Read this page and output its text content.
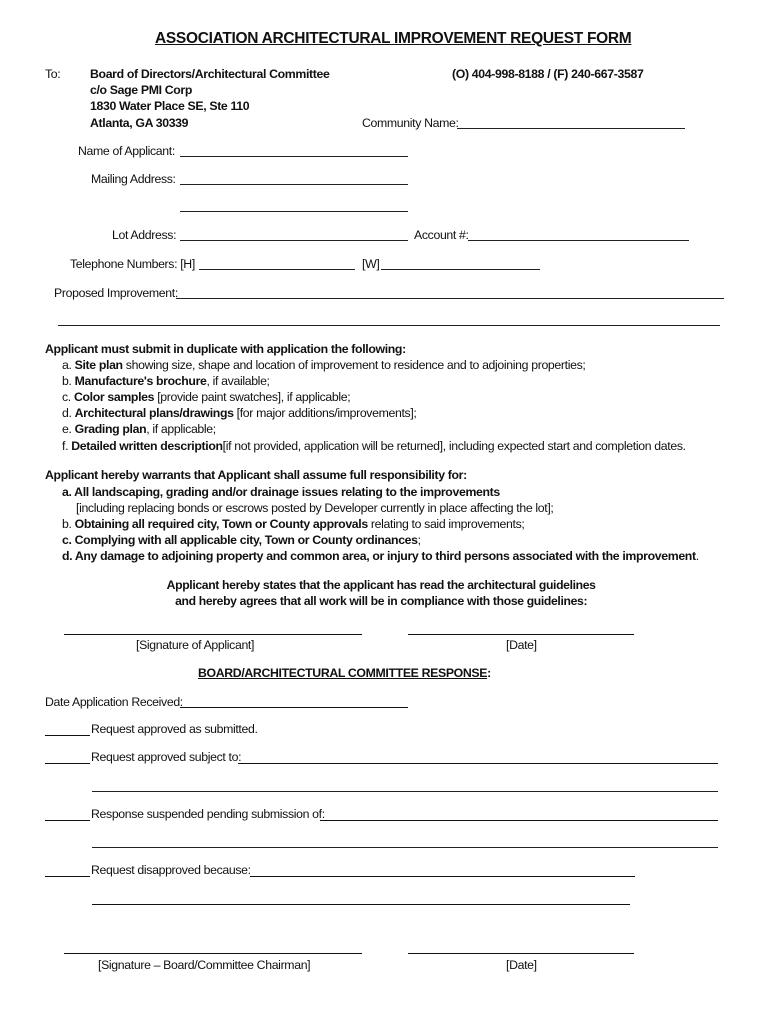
ASSOCIATION ARCHITECTURAL IMPROVEMENT REQUEST FORM
To: Board of Directors/Architectural Committee
c/o Sage PMI Corp
1830 Water Place SE, Ste 110
Atlanta, GA 30339
(O) 404-998-8188 / (F) 240-667-3587
Community Name:
Name of Applicant:
Mailing Address:
Lot Address:	Account #:
Telephone Numbers: [H]	[W]
Proposed Improvement:
Applicant must submit in duplicate with application the following:
a. Site plan showing size, shape and location of improvement to residence and to adjoining properties;
b. Manufacture's brochure, if available;
c. Color samples [provide paint swatches], if applicable;
d. Architectural plans/drawings [for major additions/improvements];
e. Grading plan, if applicable;
f. Detailed written description[if not provided, application will be returned], including expected start and completion dates.
Applicant hereby warrants that Applicant shall assume full responsibility for:
a. All landscaping, grading and/or drainage issues relating to the improvements
[including replacing bonds or escrows posted by Developer currently in place affecting the lot];
b. Obtaining all required city, Town or County approvals relating to said improvements;
c. Complying with all applicable city, Town or County ordinances;
d. Any damage to adjoining property and common area, or injury to third persons associated with the improvement.
Applicant hereby states that the applicant has read the architectural guidelines
and hereby agrees that all work will be in compliance with those guidelines:
[Signature of Applicant]	[Date]
BOARD/ARCHITECTURAL COMMITTEE RESPONSE:
Date Application Received:
Request approved as submitted.
Request approved subject to:
Response suspended pending submission of:
Request disapproved because:
[Signature – Board/Committee Chairman]	[Date]
